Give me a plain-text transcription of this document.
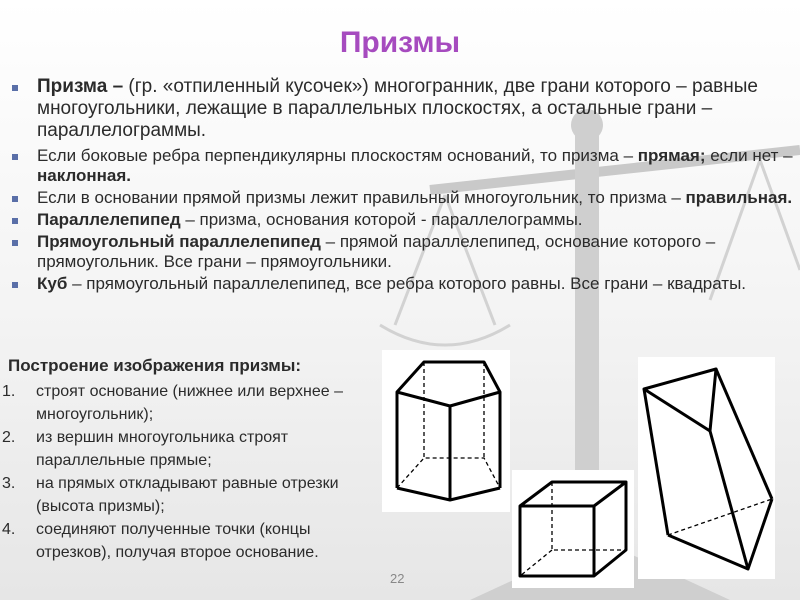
Призмы
Призма – (гр. «отпиленный кусочек») многогранник, две грани которого – равные многоугольники, лежащие в параллельных плоскостях, а остальные грани – параллелограммы.
Если боковые ребра перпендикулярны плоскостям оснований, то призма – прямая; если нет – наклонная.
Если в основании прямой призмы лежит правильный многоугольник, то призма – правильная.
Параллелепипед – призма, основания которой - параллелограммы.
Прямоугольный параллелепипед – прямой параллелепипед, основание которого – прямоугольник. Все грани – прямоугольники.
Куб – прямоугольный параллелепипед, все ребра которого равны. Все грани – квадраты.
Построение изображения призмы:
1. строят основание (нижнее или верхнее – многоугольник);
2. из вершин многоугольника строят параллельные прямые;
3. на прямых откладывают равные отрезки (высота призмы);
4. соединяют полученные точки (концы отрезков), получая второе основание.
22
